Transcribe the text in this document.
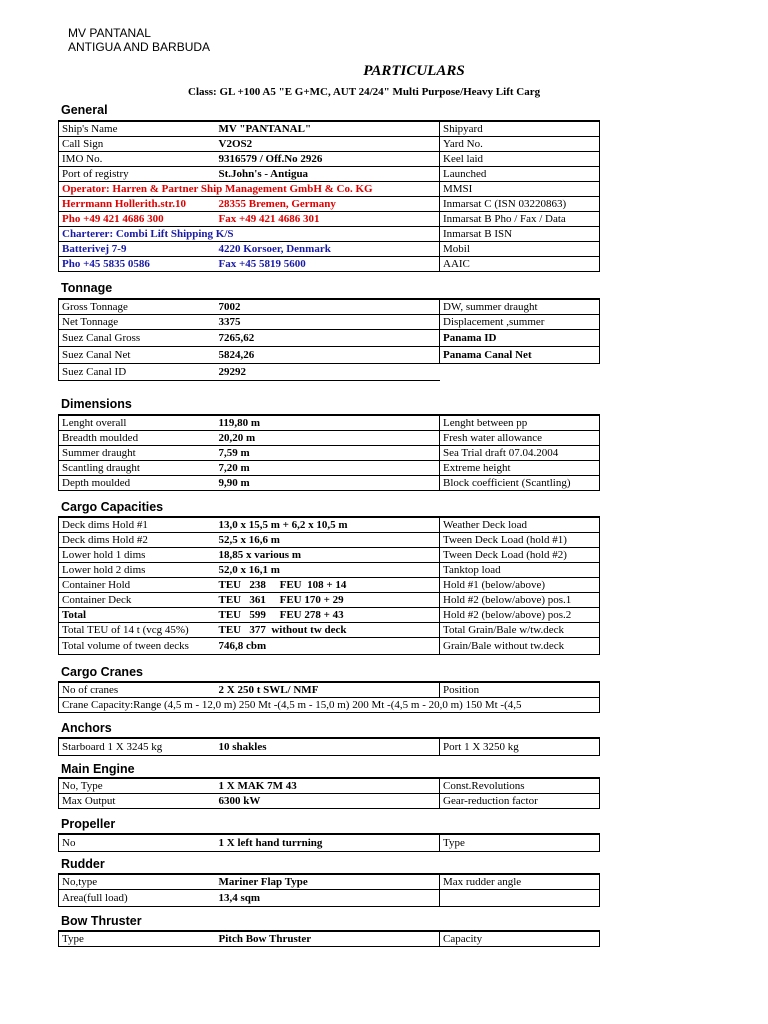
MV PANTANAL
ANTIGUA AND BARBUDA
PARTICULARS
Class: GL +100 A5 "E G+MC, AUT 24/24" Multi Purpose/Heavy Lift Carg
General
Ship's Name	MV "PANTANAL"	Shipyard
Call Sign	V2OS2	Yard No.
IMO No.	9316579 / Off.No 2926	Keel laid
Port of registry	St.John's - Antigua	Launched
Operator: Harren & Partner Ship Management GmbH & Co. KG		MMSI
Herrmann Hollerith.str.10	28355 Bremen, Germany	Inmarsat C (ISN 03220863)
Pho +49 421 4686 300	Fax +49 421 4686 301	Inmarsat B Pho / Fax / Data
Charterer: Combi Lift Shipping K/S		Inmarsat B ISN
Batterivej 7-9	4220 Korsoer, Denmark	Mobil
Pho +45 5835 0586	Fax +45 5819 5600	AAIC
Tonnage
Gross Tonnage	7002	DW, summer draught
Net Tonnage	3375	Displacement ,summer
Suez Canal Gross	7265,62	Panama ID
Suez Canal Net	5824,26	Panama Canal Net
Suez Canal ID	29292	
Dimensions
Lenght overall	119,80 m	Lenght between pp
Breadth moulded	20,20 m	Fresh water allowance
Summer draught	7,59 m	Sea Trial draft 07.04.2004
Scantling draught	7,20 m	Extreme height
Depth moulded	9,90 m	Block coefficient (Scantling)
Cargo Capacities
Deck dims Hold #1	13,0 x 15,5 m + 6,2 x 10,5 m	Weather Deck load
Deck dims Hold #2	52,5 x 16,6 m	Tween Deck Load (hold #1)
Lower hold 1 dims	18,85 x various m	Tween Deck Load (hold #2)
Lower hold 2 dims	52,0 x 16,1 m	Tanktop load
Container Hold	TEU   238     FEU  108 + 14	Hold #1 (below/above)
Container Deck	TEU   361     FEU 170 + 29	Hold #2 (below/above) pos.1
Total	TEU   599     FEU 278 + 43	Hold #2 (below/above) pos.2
Total TEU of 14 t (vcg 45%)	TEU   377  without tw deck	Total Grain/Bale w/tw.deck
Total volume of tween decks	746,8 cbm	Grain/Bale without tw.deck
Cargo Cranes
No of cranes	2 X 250 t SWL/ NMF	Position
Crane Capacity:Range (4,5 m - 12,0 m) 250 Mt -(4,5 m - 15,0 m) 200 Mt -(4,5 m - 20,0 m) 150 Mt -(4,5
Anchors
Starboard 1 X 3245 kg	10 shakles	Port 1 X 3250 kg
Main Engine
No, Type	1 X MAK 7M 43	Const.Revolutions
Max Output	6300 kW	Gear-reduction factor
Propeller
No	1 X left hand turrning	Type
Rudder
No,type	Mariner Flap Type	Max rudder angle
Area(full load)	13,4 sqm	
Bow Thruster
Type	Pitch Bow Thruster	Capacity
